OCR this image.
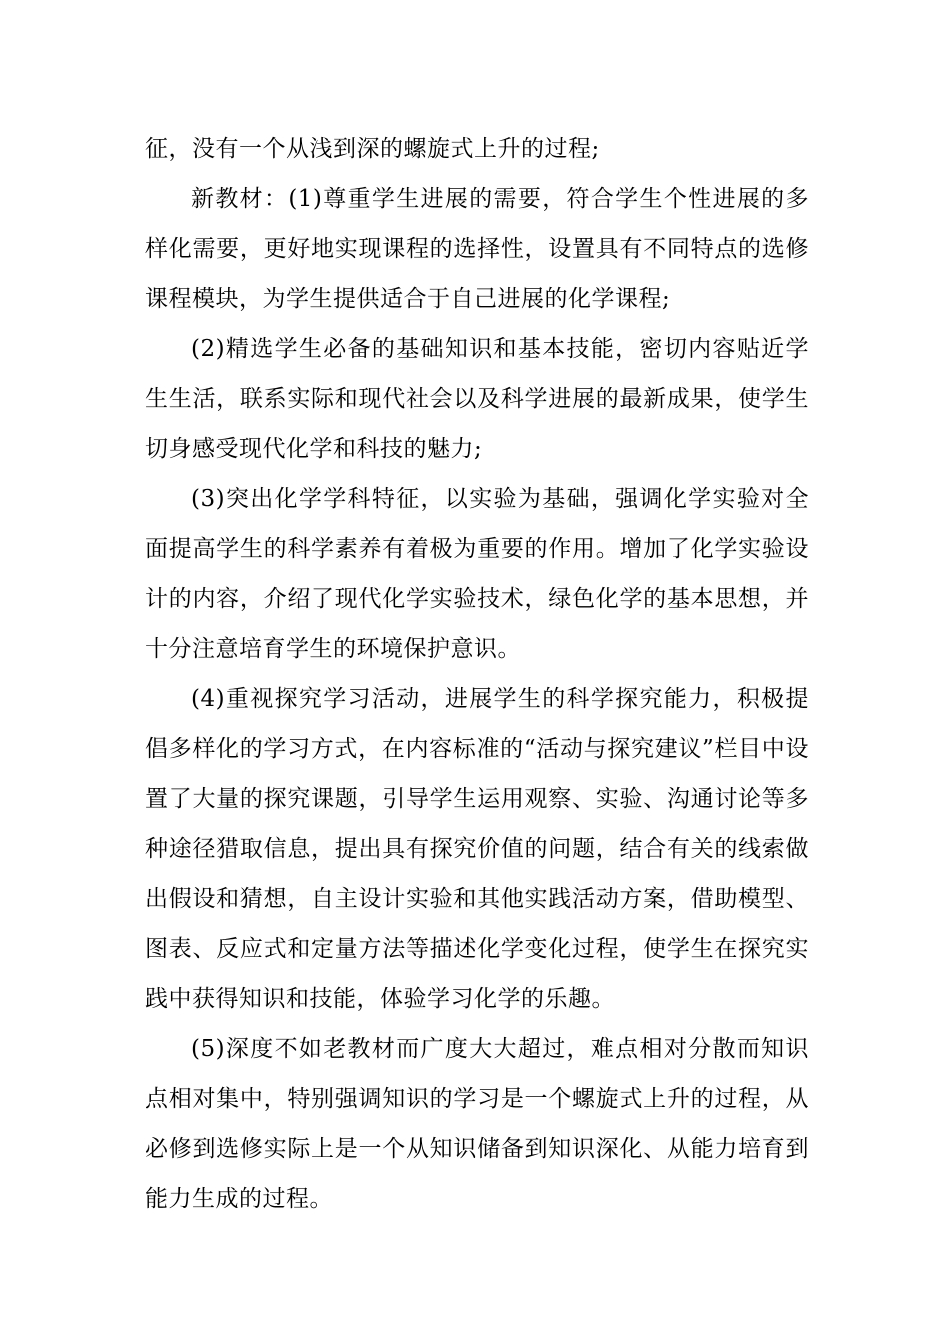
征，没有一个从浅到深的螺旋式上升的过程;

新教材：(1)尊重学生进展的需要，符合学生个性进展的多样化需要，更好地实现课程的选择性，设置具有不同特点的选修课程模块，为学生提供适合于自己进展的化学课程;

(2)精选学生必备的基础知识和基本技能，密切内容贴近学生生活，联系实际和现代社会以及科学进展的最新成果，使学生切身感受现代化学和科技的魅力;

(3)突出化学学科特征，以实验为基础，强调化学实验对全面提高学生的科学素养有着极为重要的作用。增加了化学实验设计的内容，介绍了现代化学实验技术，绿色化学的基本思想，并十分注意培育学生的环境保护意识。

(4)重视探究学习活动，进展学生的科学探究能力，积极提倡多样化的学习方式，在内容标准的“活动与探究建议”栏目中设置了大量的探究课题，引导学生运用观察、实验、沟通讨论等多种途径猎取信息，提出具有探究价值的问题，结合有关的线索做出假设和猜想，自主设计实验和其他实践活动方案，借助模型、图表、反应式和定量方法等描述化学变化过程，使学生在探究实践中获得知识和技能，体验学习化学的乐趣。

(5)深度不如老教材而广度大大超过，难点相对分散而知识点相对集中，特别强调知识的学习是一个螺旋式上升的过程，从必修到选修实际上是一个从知识储备到知识深化、从能力培育到能力生成的过程。
